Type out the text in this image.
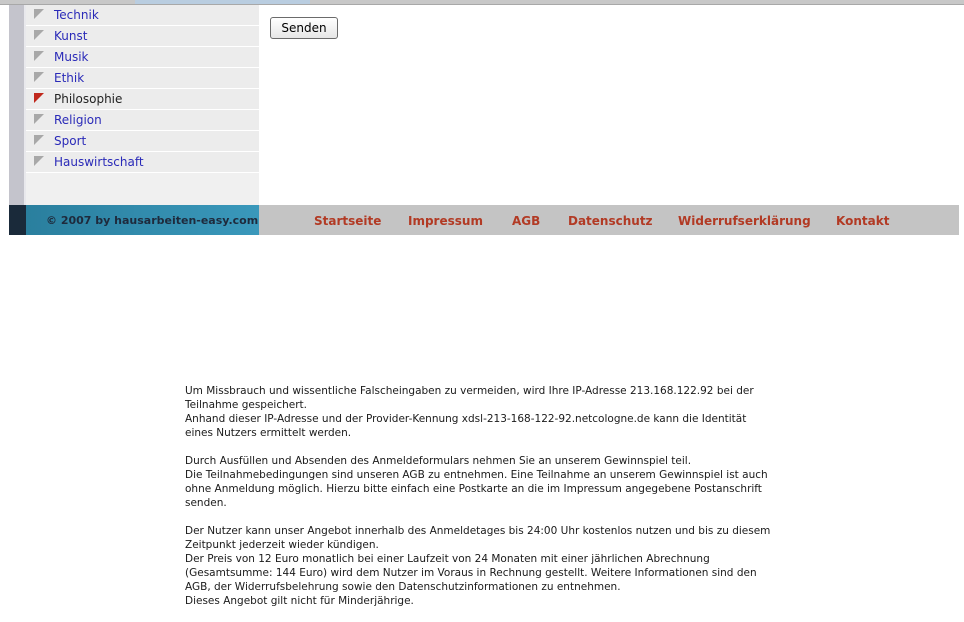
Technik
Kunst
Musik
Ethik
Philosophie
Religion
Sport
Hauswirtschaft
Senden
© 2007 by hausarbeiten-easy.com	Startseite Impressum AGB Datenschutz Widerrufserklärung Kontakt

Um Missbrauch und wissentliche Falscheingaben zu vermeiden, wird Ihre IP-Adresse 213.168.122.92 bei der
Teilnahme gespeichert.
Anhand dieser IP-Adresse und der Provider-Kennung xdsl-213-168-122-92.netcologne.de kann die Identität
eines Nutzers ermittelt werden.

Durch Ausfüllen und Absenden des Anmeldeformulars nehmen Sie an unserem Gewinnspiel teil.
Die Teilnahmebedingungen sind unseren AGB zu entnehmen. Eine Teilnahme an unserem Gewinnspiel ist auch
ohne Anmeldung möglich. Hierzu bitte einfach eine Postkarte an die im Impressum angegebene Postanschrift
senden.

Der Nutzer kann unser Angebot innerhalb des Anmeldetages bis 24:00 Uhr kostenlos nutzen und bis zu diesem
Zeitpunkt jederzeit wieder kündigen.
Der Preis von 12 Euro monatlich bei einer Laufzeit von 24 Monaten mit einer jährlichen Abrechnung
(Gesamtsumme: 144 Euro) wird dem Nutzer im Voraus in Rechnung gestellt. Weitere Informationen sind den
AGB, der Widerrufsbelehrung sowie den Datenschutzinformationen zu entnehmen.
Dieses Angebot gilt nicht für Minderjährige.
